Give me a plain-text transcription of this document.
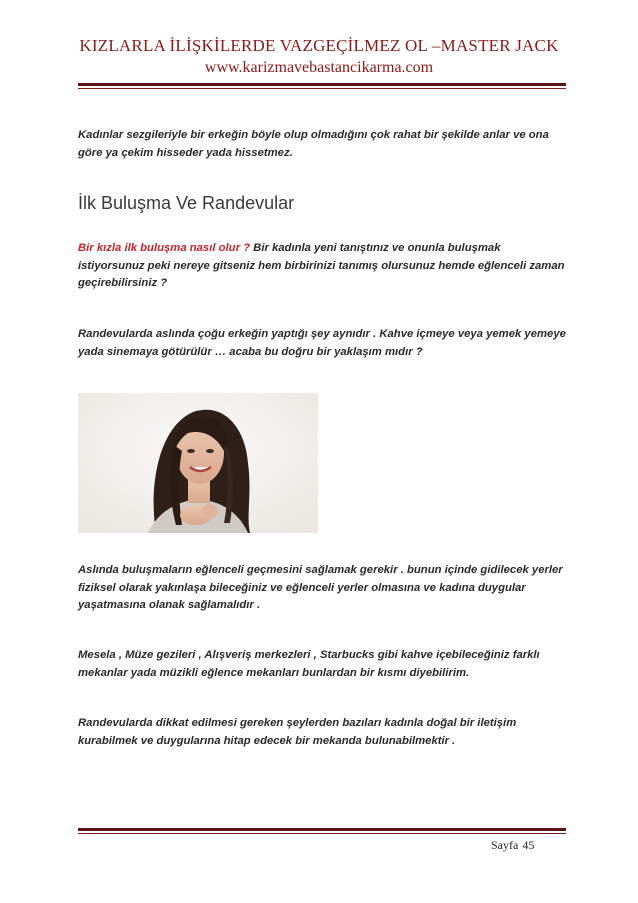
KIZLARLA İLİŞKİLERDE VAZGEÇİLMEZ OL –MASTER JACK
www.karizmavebastancikarma.com
Kadınlar sezgileriyle bir erkeğin böyle olup olmadığını çok rahat bir şekilde anlar ve ona göre ya çekim hisseder yada hissetmez.
İlk Buluşma Ve Randevular
Bir kızla ilk buluşma nasıl olur ? Bir kadınla yeni tanıştınız ve onunla buluşmak istiyorsunuz peki nereye gitseniz hem birbirinizi tanımış olursunuz hemde eğlenceli zaman geçirebilirsiniz ?
Randevularda aslında çoğu erkeğin yaptığı şey aynıdır . Kahve içmeye veya yemek yemeye yada sinemaya götürülür … acaba bu doğru bir yaklaşım mıdır ?
Aslında buluşmaların eğlenceli geçmesini sağlamak gerekir . bunun içinde gidilecek yerler fiziksel olarak yakınlaşa bileceğiniz ve eğlenceli yerler olmasına ve kadına duygular yaşatmasına olanak sağlamalıdır .
Mesela , Müze gezileri , Alışveriş merkezleri , Starbucks gibi kahve içebileceğiniz farklı mekanlar yada müzikli eğlence mekanları bunlardan bir kısmı diyebilirim.
Randevularda dikkat edilmesi gereken şeylerden bazıları kadınla doğal bir iletişim kurabilmek ve duygularına hitap edecek bir mekanda bulunabilmektir .
Sayfa 45
